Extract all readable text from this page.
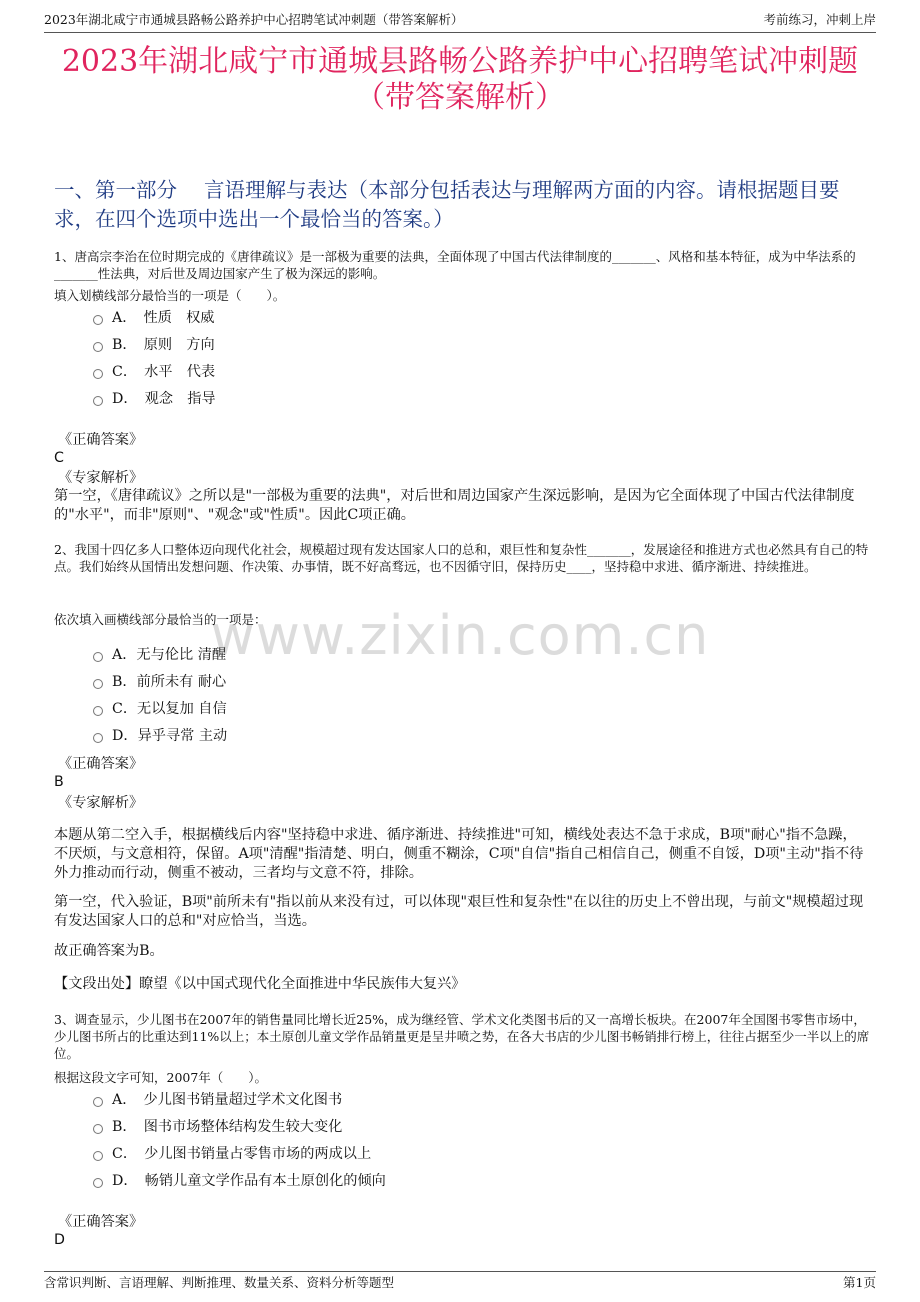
2023年湖北咸宁市通城县路畅公路养护中心招聘笔试冲刺题（带答案解析）	考前练习，冲刺上岸
2023年湖北咸宁市通城县路畅公路养护中心招聘笔试冲刺题
（带答案解析）
一、第一部分　 言语理解与表达（本部分包括表达与理解两方面的内容。请根据题目要求，在四个选项中选出一个最恰当的答案。）
www.zixin.com.cn
1、唐高宗李治在位时期完成的《唐律疏议》是一部极为重要的法典，全面体现了中国古代法律制度的_______、风格和基本特征，成为中华法系的_______性法典，对后世及周边国家产生了极为深远的影响。
填入划横线部分最恰当的一项是（　　）。
A．　性质　权威
B．　原则　方向
C．　水平　代表
D．　观念　指导
《正确答案》
C
《专家解析》
第一空，《唐律疏议》之所以是"一部极为重要的法典"，对后世和周边国家产生深远影响，是因为它全面体现了中国古代法律制度的"水平"，而非"原则"、"观念"或"性质"。因此C项正确。
2、我国十四亿多人口整体迈向现代化社会，规模超过现有发达国家人口的总和，艰巨性和复杂性_______，发展途径和推进方式也必然具有自己的特点。我们始终从国情出发想问题、作决策、办事情，既不好高骛远，也不因循守旧，保持历史____，坚持稳中求进、循序渐进、持续推进。
依次填入画横线部分最恰当的一项是：
A．无与伦比 清醒
B．前所未有 耐心
C．无以复加 自信
D．异乎寻常 主动
《正确答案》
B
《专家解析》
本题从第二空入手，根据横线后内容"坚持稳中求进、循序渐进、持续推进"可知，横线处表达不急于求成，B项"耐心"指不急躁，不厌烦，与文意相符，保留。A项"清醒"指清楚、明白，侧重不糊涂，C项"自信"指自己相信自己，侧重不自馁，D项"主动"指不待外力推动而行动，侧重不被动，三者均与文意不符，排除。
第一空，代入验证，B项"前所未有"指以前从来没有过，可以体现"艰巨性和复杂性"在以往的历史上不曾出现，与前文"规模超过现有发达国家人口的总和"对应恰当，当选。
故正确答案为B。
【文段出处】瞭望《以中国式现代化全面推进中华民族伟大复兴》
3、调查显示，少儿图书在2007年的销售量同比增长近25%，成为继经管、学术文化类图书后的又一高增长板块。在2007年全国图书零售市场中，少儿图书所占的比重达到11%以上；本土原创儿童文学作品销量更是呈井喷之势，在各大书店的少儿图书畅销排行榜上，往往占据至少一半以上的席位。
根据这段文字可知，2007年（　　）。
A．　少儿图书销量超过学术文化图书
B．　图书市场整体结构发生较大变化
C．　少儿图书销量占零售市场的两成以上
D．　畅销儿童文学作品有本土原创化的倾向
《正确答案》
D
含常识判断、言语理解、判断推理、数量关系、资料分析等题型	第1页
